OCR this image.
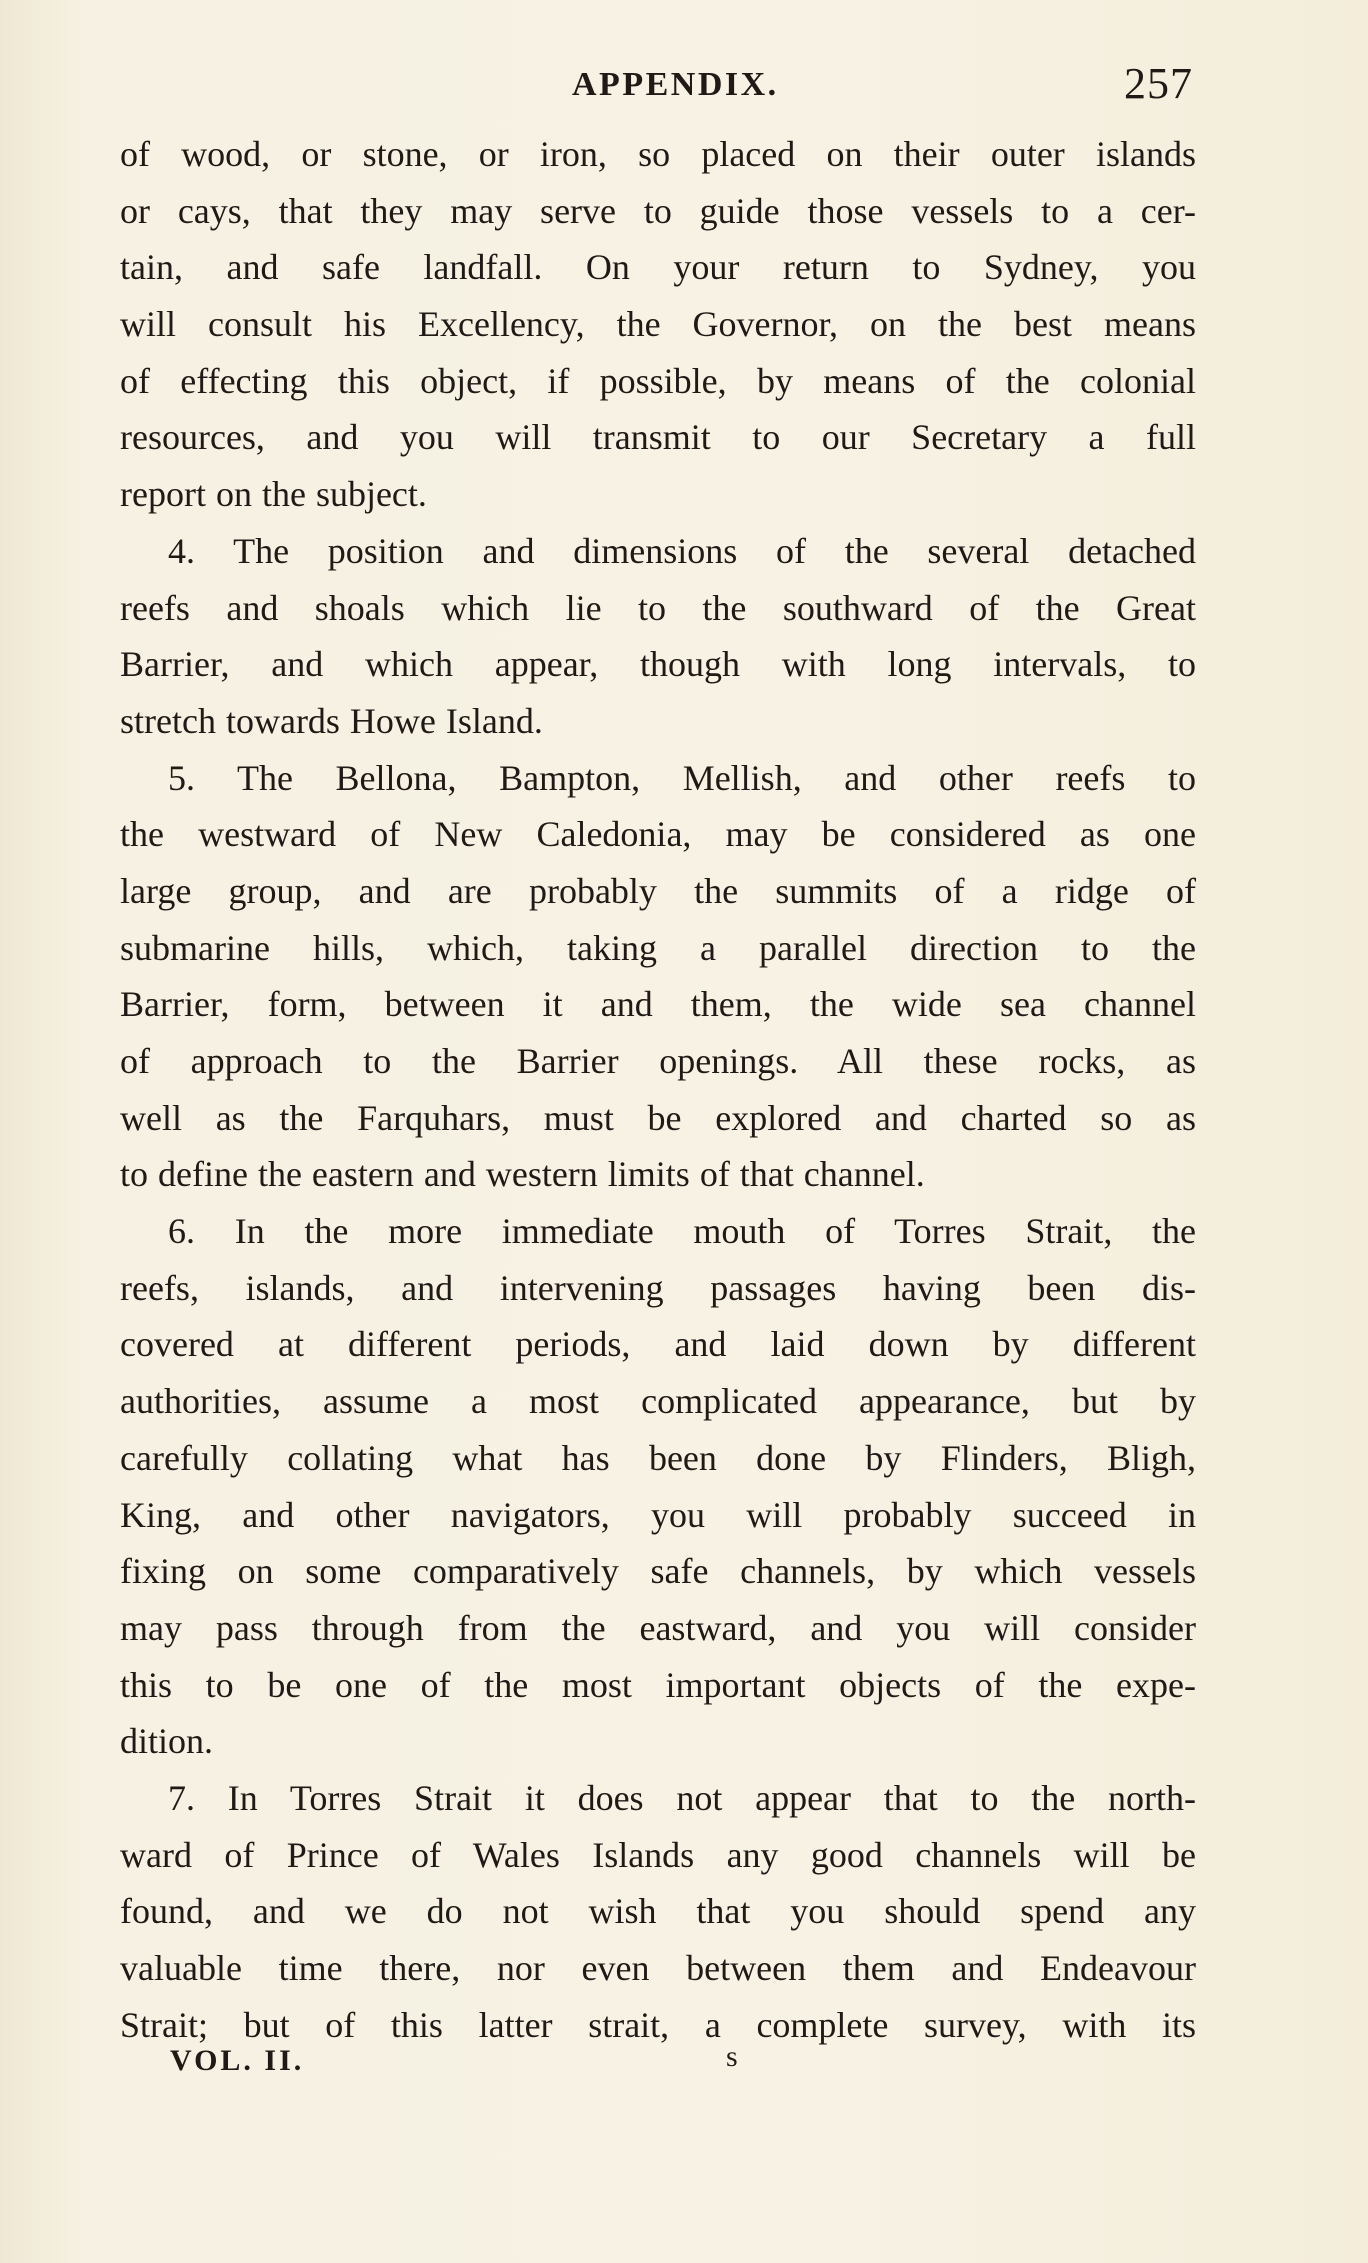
APPENDIX.	257
of wood, or stone, or iron, so placed on their outer islands
or cays, that they may serve to guide those vessels to a cer-
tain, and safe landfall. On your return to Sydney, you
will consult his Excellency, the Governor, on the best means
of effecting this object, if possible, by means of the colonial
resources, and you will transmit to our Secretary a full
report on the subject.
4. The position and dimensions of the several detached
reefs and shoals which lie to the southward of the Great
Barrier, and which appear, though with long intervals, to
stretch towards Howe Island.
5. The Bellona, Bampton, Mellish, and other reefs to
the westward of New Caledonia, may be considered as one
large group, and are probably the summits of a ridge of
submarine hills, which, taking a parallel direction to the
Barrier, form, between it and them, the wide sea channel
of approach to the Barrier openings. All these rocks, as
well as the Farquhars, must be explored and charted so as
to define the eastern and western limits of that channel.
6. In the more immediate mouth of Torres Strait, the
reefs, islands, and intervening passages having been dis-
covered at different periods, and laid down by different
authorities, assume a most complicated appearance, but by
carefully collating what has been done by Flinders, Bligh,
King, and other navigators, you will probably succeed in
fixing on some comparatively safe channels, by which vessels
may pass through from the eastward, and you will consider
this to be one of the most important objects of the expe-
dition.
7. In Torres Strait it does not appear that to the north-
ward of Prince of Wales Islands any good channels will be
found, and we do not wish that you should spend any
valuable time there, nor even between them and Endeavour
Strait; but of this latter strait, a complete survey, with its
VOL. II.	s
